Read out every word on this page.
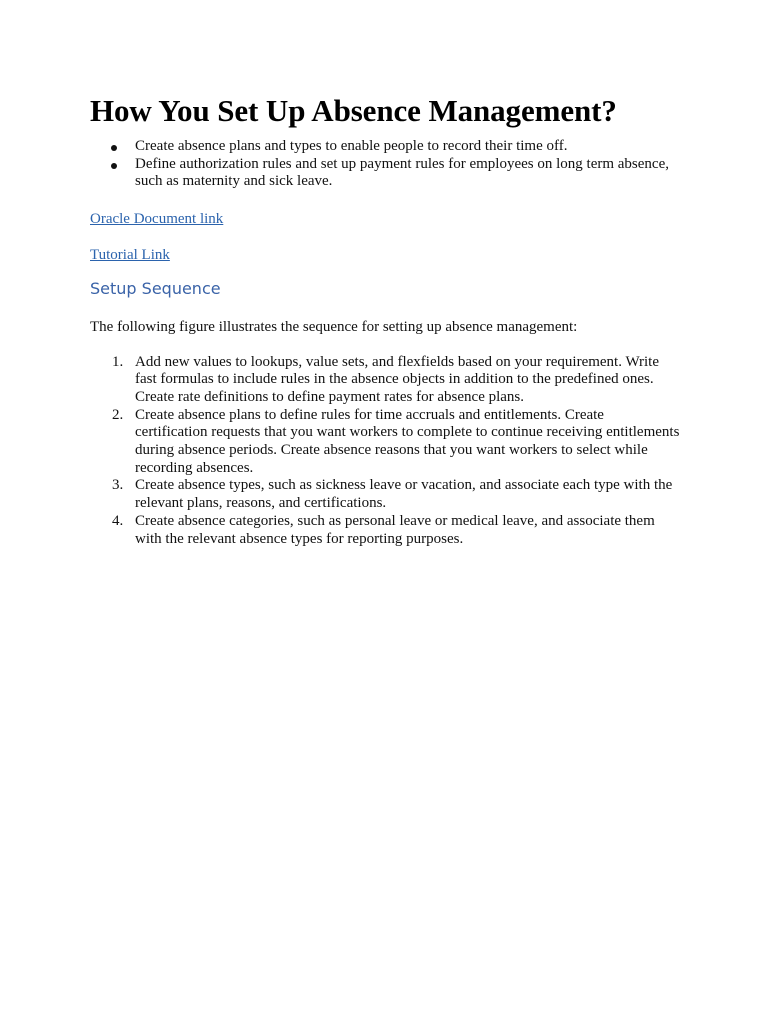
How You Set Up Absence Management?
Create absence plans and types to enable people to record their time off.
Define authorization rules and set up payment rules for employees on long term absence, such as maternity and sick leave.

Oracle Document link

Tutorial Link

Setup Sequence

The following figure illustrates the sequence for setting up absence management:

1. Add new values to lookups, value sets, and flexfields based on your requirement. Write fast formulas to include rules in the absence objects in addition to the predefined ones. Create rate definitions to define payment rates for absence plans.
2. Create absence plans to define rules for time accruals and entitlements. Create certification requests that you want workers to complete to continue receiving entitlements during absence periods. Create absence reasons that you want workers to select while recording absences.
3. Create absence types, such as sickness leave or vacation, and associate each type with the relevant plans, reasons, and certifications.
4. Create absence categories, such as personal leave or medical leave, and associate them with the relevant absence types for reporting purposes.
